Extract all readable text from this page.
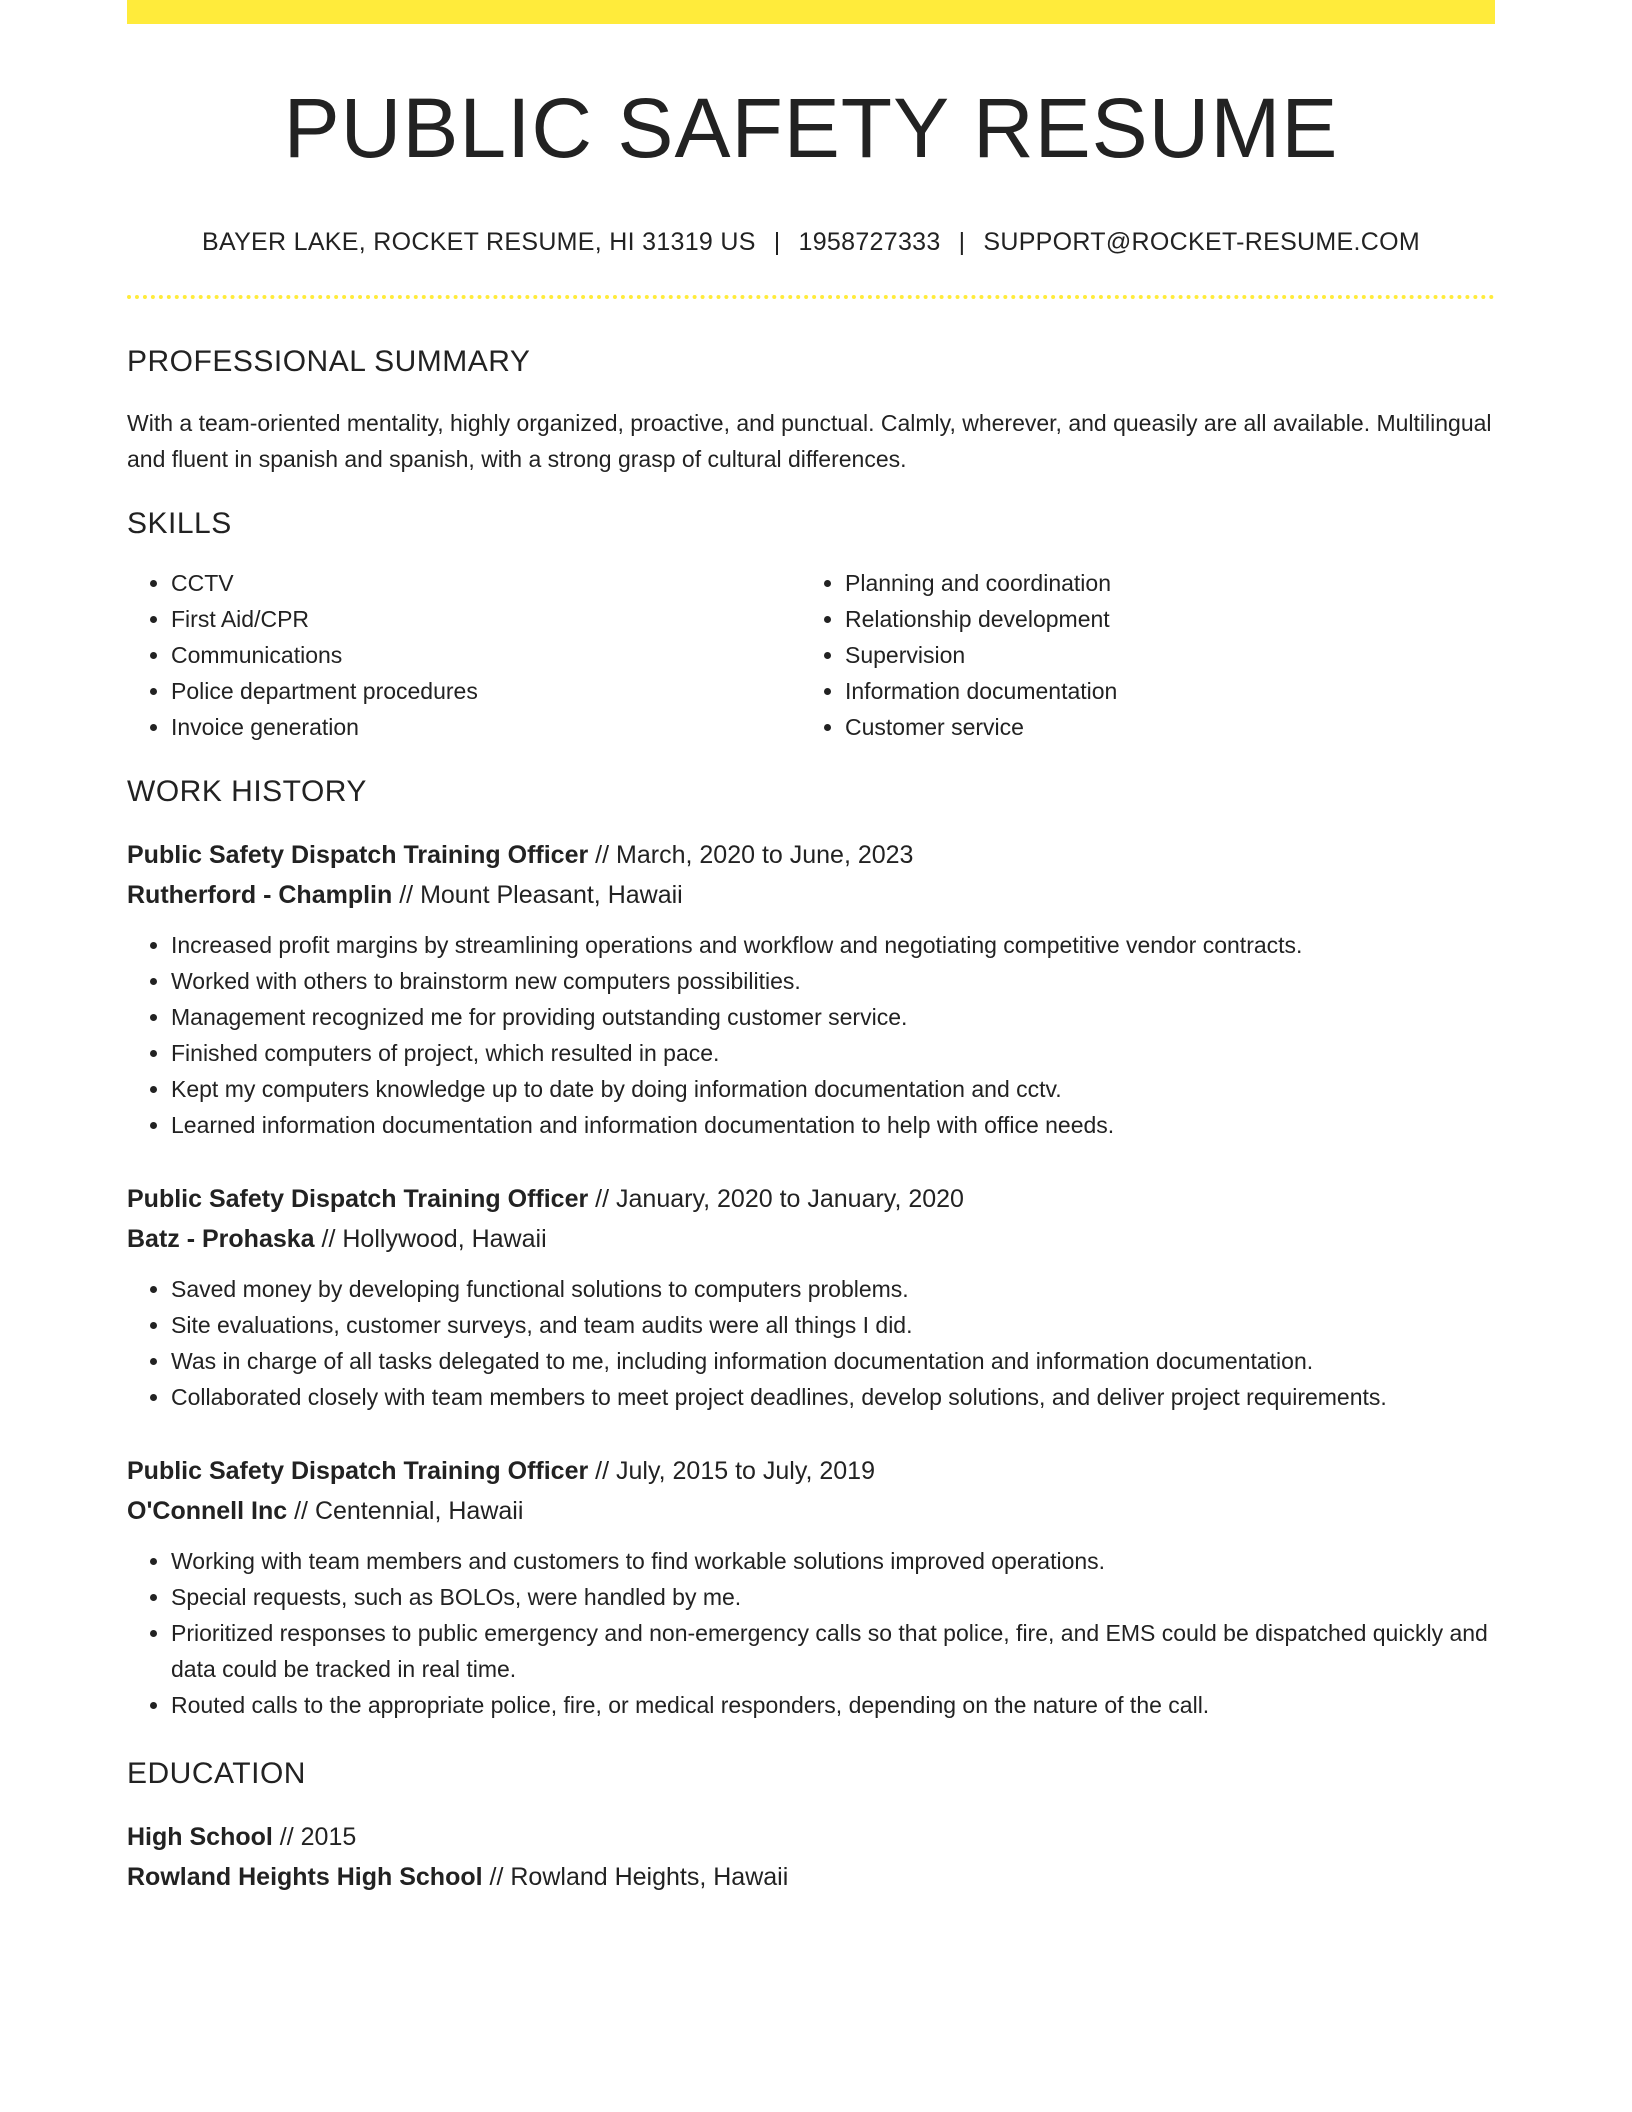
PUBLIC SAFETY RESUME
BAYER LAKE, ROCKET RESUME, HI 31319 US | 1958727333 | SUPPORT@ROCKET-RESUME.COM
PROFESSIONAL SUMMARY
With a team-oriented mentality, highly organized, proactive, and punctual. Calmly, wherever, and queasily are all available. Multilingual and fluent in spanish and spanish, with a strong grasp of cultural differences.
SKILLS
• CCTV
• First Aid/CPR
• Communications
• Police department procedures
• Invoice generation
• Planning and coordination
• Relationship development
• Supervision
• Information documentation
• Customer service
WORK HISTORY
Public Safety Dispatch Training Officer // March, 2020 to June, 2023
Rutherford - Champlin // Mount Pleasant, Hawaii
• Increased profit margins by streamlining operations and workflow and negotiating competitive vendor contracts.
• Worked with others to brainstorm new computers possibilities.
• Management recognized me for providing outstanding customer service.
• Finished computers of project, which resulted in pace.
• Kept my computers knowledge up to date by doing information documentation and cctv.
• Learned information documentation and information documentation to help with office needs.
Public Safety Dispatch Training Officer // January, 2020 to January, 2020
Batz - Prohaska // Hollywood, Hawaii
• Saved money by developing functional solutions to computers problems.
• Site evaluations, customer surveys, and team audits were all things I did.
• Was in charge of all tasks delegated to me, including information documentation and information documentation.
• Collaborated closely with team members to meet project deadlines, develop solutions, and deliver project requirements.
Public Safety Dispatch Training Officer // July, 2015 to July, 2019
O'Connell Inc // Centennial, Hawaii
• Working with team members and customers to find workable solutions improved operations.
• Special requests, such as BOLOs, were handled by me.
• Prioritized responses to public emergency and non-emergency calls so that police, fire, and EMS could be dispatched quickly and data could be tracked in real time.
• Routed calls to the appropriate police, fire, or medical responders, depending on the nature of the call.
EDUCATION
High School // 2015
Rowland Heights High School // Rowland Heights, Hawaii
